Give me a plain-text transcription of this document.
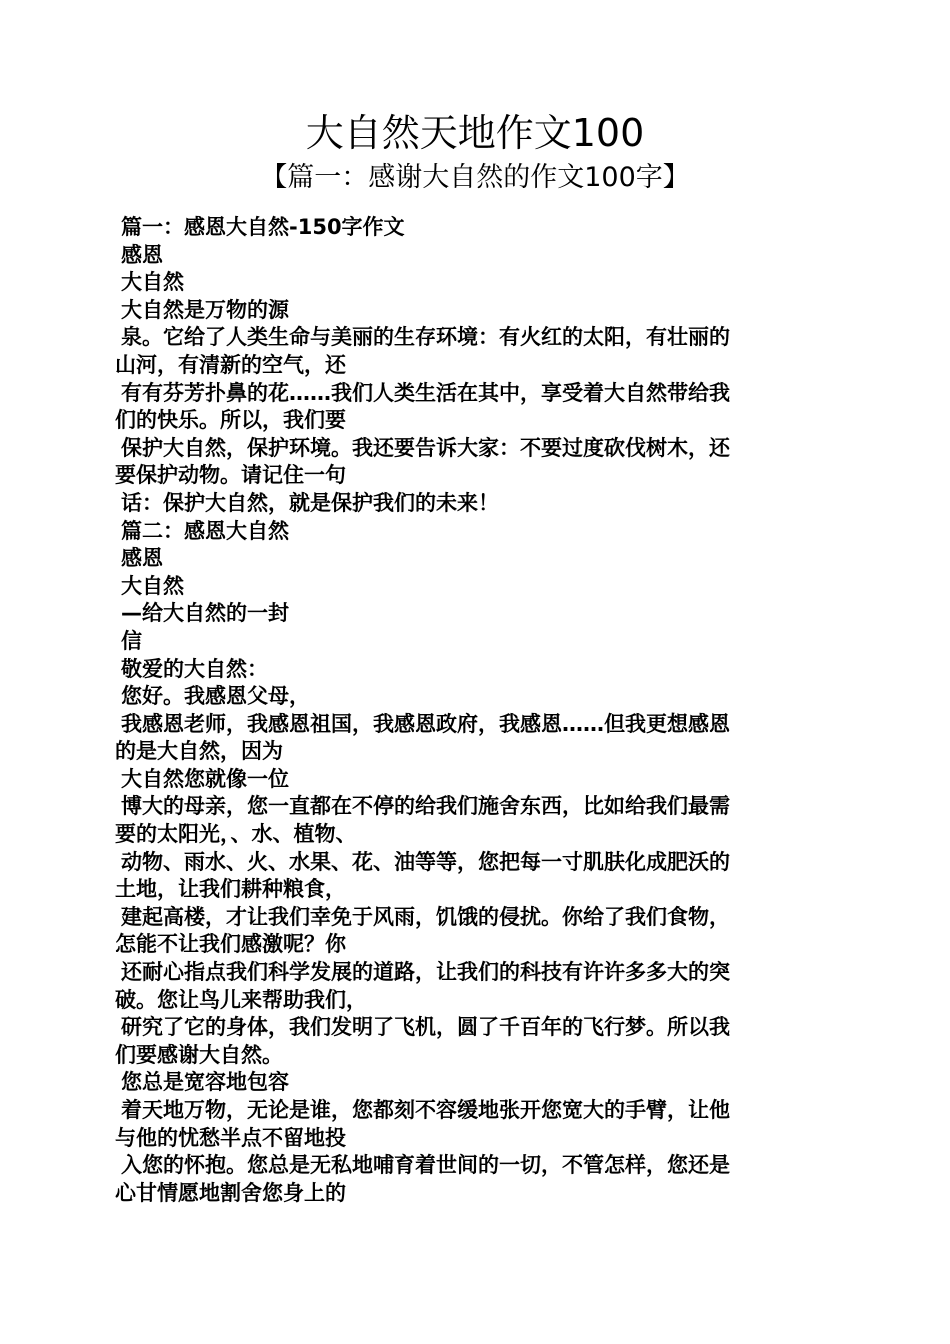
大自然天地作文100
【篇一：感谢大自然的作文100字】
篇一：感恩大自然-150字作文
感恩
大自然
大自然是万物的源
泉。它给了人类生命与美丽的生存环境：有火红的太阳，有壮丽的
山河，有清新的空气，还
有有芬芳扑鼻的花……我们人类生活在其中，享受着大自然带给我
们的快乐。所以，我们要
保护大自然，保护环境。我还要告诉大家：不要过度砍伐树木，还
要保护动物。请记住一句
话：保护大自然，就是保护我们的未来！
篇二：感恩大自然
感恩
大自然
—给大自然的一封
信
敬爱的大自然：
您好。我感恩父母，
我感恩老师，我感恩祖国，我感恩政府，我感恩……但我更想感恩
的是大自然，因为
大自然您就像一位
博大的母亲，您一直都在不停的给我们施舍东西，比如给我们最需
要的太阳光，、水、植物、
动物、雨水、火、水果、花、油等等，您把每一寸肌肤化成肥沃的
土地，让我们耕种粮食，
建起高楼，才让我们幸免于风雨，饥饿的侵扰。你给了我们食物，
怎能不让我们感激呢？你
还耐心指点我们科学发展的道路，让我们的科技有许许多多大的突
破。您让鸟儿来帮助我们，
研究了它的身体，我们发明了飞机，圆了千百年的飞行梦。所以我
们要感谢大自然。
您总是宽容地包容
着天地万物，无论是谁，您都刻不容缓地张开您宽大的手臂，让他
与他的忧愁半点不留地投
入您的怀抱。您总是无私地哺育着世间的一切，不管怎样，您还是
心甘情愿地割舍您身上的
